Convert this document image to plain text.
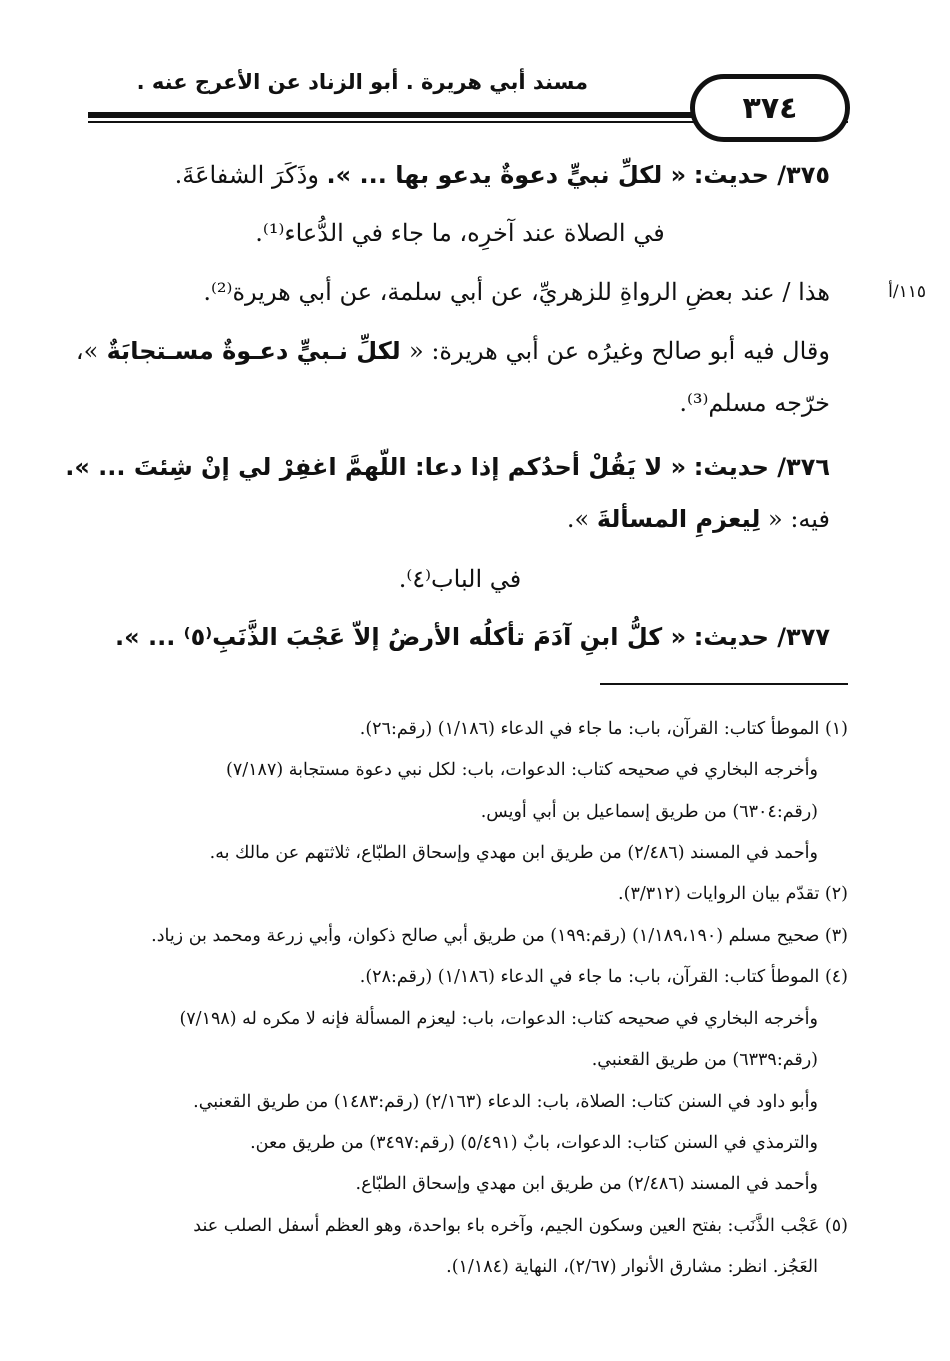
مسند أبي هريرة . أبو الزناد عن الأعرج عنه .
٣٧٤
١١٥/أ
٣٧٥/ حديث: « لكلِّ نبيٍّ دعوةٌ يدعو بها ... ». وذَكَرَ الشفاعَةَ.
في الصلاة عند آخرِه، ما جاء في الدُّعاء⁽¹⁾.
هذا / عند بعضِ الرواةِ للزهريِّ، عن أبي سلمة، عن أبي هريرة⁽²⁾.
وقال فيه أبو صالح وغيرُه عن أبي هريرة: « لكلِّ نـبيٍّ دعـوةٌ مسـتجابَةٌ »،
خرّجه مسلم⁽³⁾.
٣٧٦/ حديث: « لا يَقُلْ أحدُكم إذا دعا: اللّهمَّ اغفِرْ لي إنْ شِئتَ ... ».
فيه: « لِيعزمِ المسألةَ ».
في الباب⁽٤⁾.
٣٧٧/ حديث: « كلُّ ابنِ آدَمَ تأكلُه الأرضُ إلاّ عَجْبَ الذَّنَبِ⁽٥⁾ ... ».
(١) الموطأ كتاب: القرآن، باب: ما جاء في الدعاء (١/١٨٦) (رقم:٢٦).
وأخرجه البخاري في صحيحه كتاب: الدعوات، باب: لكل نبي دعوة مستجابة (٧/١٨٧)
(رقم:٦٣٠٤) من طريق إسماعيل بن أبي أويس.
وأحمد في المسند (٢/٤٨٦) من طريق ابن مهدي وإسحاق الطبّاع، ثلاثتهم عن مالك به.
(٢) تقدّم بيان الروايات (٣/٣١٢).
(٣) صحيح مسلم (١/١٨٩،١٩٠) (رقم:١٩٩) من طريق أبي صالح ذكوان، وأبي زرعة ومحمد بن زياد.
(٤) الموطأ كتاب: القرآن، باب: ما جاء في الدعاء (١/١٨٦) (رقم:٢٨).
وأخرجه البخاري في صحيحه كتاب: الدعوات، باب: ليعزم المسألة فإنه لا مكره له (٧/١٩٨)
(رقم:٦٣٣٩) من طريق القعنبي.
وأبو داود في السنن كتاب: الصلاة، باب: الدعاء (٢/١٦٣) (رقم:١٤٨٣) من طريق القعنبي.
والترمذي في السنن كتاب: الدعوات، بابٌ (٥/٤٩١) (رقم:٣٤٩٧) من طريق معن.
وأحمد في المسند (٢/٤٨٦) من طريق ابن مهدي وإسحاق الطبّاع.
(٥) عَجْب الذَّنَب: بفتح العين وسكون الجيم، وآخره باء بواحدة، وهو العظم أسفل الصلب عند
العَجُز. انظر: مشارق الأنوار (٢/٦٧)، النهاية (١/١٨٤).
